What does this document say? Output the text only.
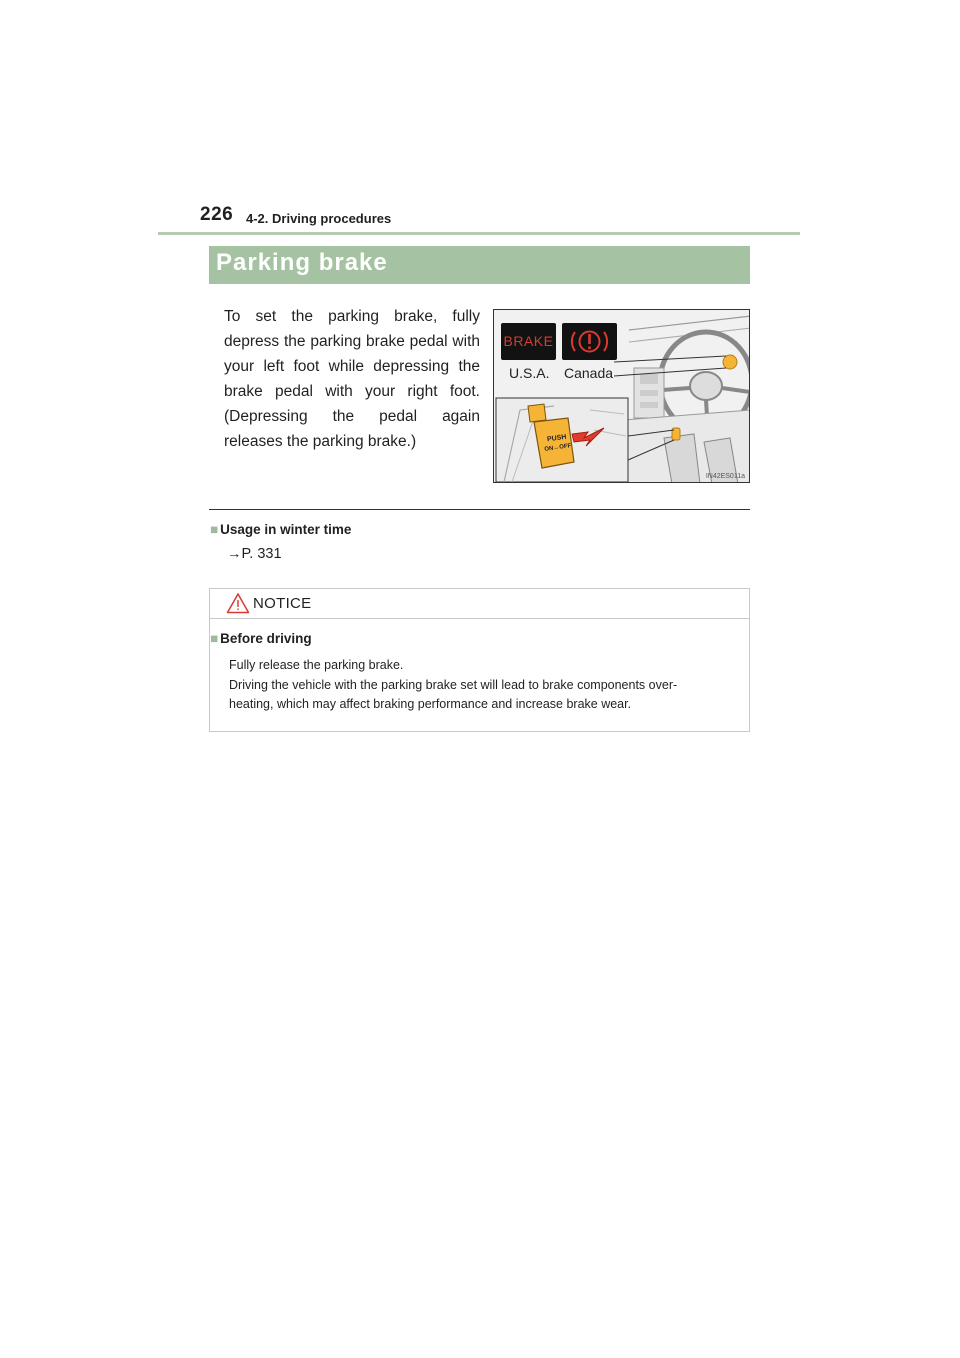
226 4-2. Driving procedures
Parking brake
To set the parking brake, fully depress the parking brake pedal with your left foot while depressing the brake pedal with your right foot. (Depressing the pedal again releases the parking brake.)	PUSH
ON↔OFF
BRAKE
U.S.A. Canada
IN42ES011a
■ Usage in winter time
→P. 331
NOTICE
■ Before driving
Fully release the parking brake.
Driving the vehicle with the parking brake set will lead to brake components over-
heating, which may affect braking performance and increase brake wear.
